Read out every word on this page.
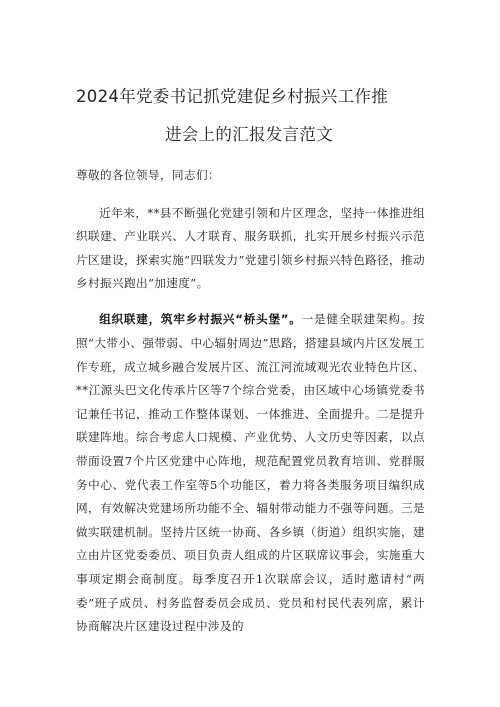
2024年党委书记抓党建促乡村振兴工作推
进会上的汇报发言范文

尊敬的各位领导，同志们：

近年来，**县不断强化党建引领和片区理念，坚持一体推进组织联建、产业联兴、人才联育、服务联抓，扎实开展乡村振兴示范片区建设，探索实施“四联发力”党建引领乡村振兴特色路径，推动乡村振兴跑出“加速度”。

组织联建，筑牢乡村振兴“桥头堡”。一是健全联建架构。按照“大带小、强带弱、中心辐射周边”思路，搭建县域内片区发展工作专班，成立城乡融合发展片区、流江河流域观光农业特色片区、**江源头巴文化传承片区等7个综合党委，由区域中心场镇党委书记兼任书记，推动工作整体谋划、一体推进、全面提升。二是提升联建阵地。综合考虑人口规模、产业优势、人文历史等因素，以点带面设置7个片区党建中心阵地，规范配置党员教育培训、党群服务中心、党代表工作室等5个功能区，着力将各类服务项目编织成网，有效解决党建场所功能不全、辐射带动能力不强等问题。三是做实联建机制。坚持片区统一协商、各乡镇（街道）组织实施，建立由片区党委委员、项目负责人组成的片区联席议事会，实施重大事项定期会商制度。每季度召开1次联席会议，适时邀请村“两委”班子成员、村务监督委员会成员、党员和村民代表列席，累计协商解决片区建设过程中涉及的
